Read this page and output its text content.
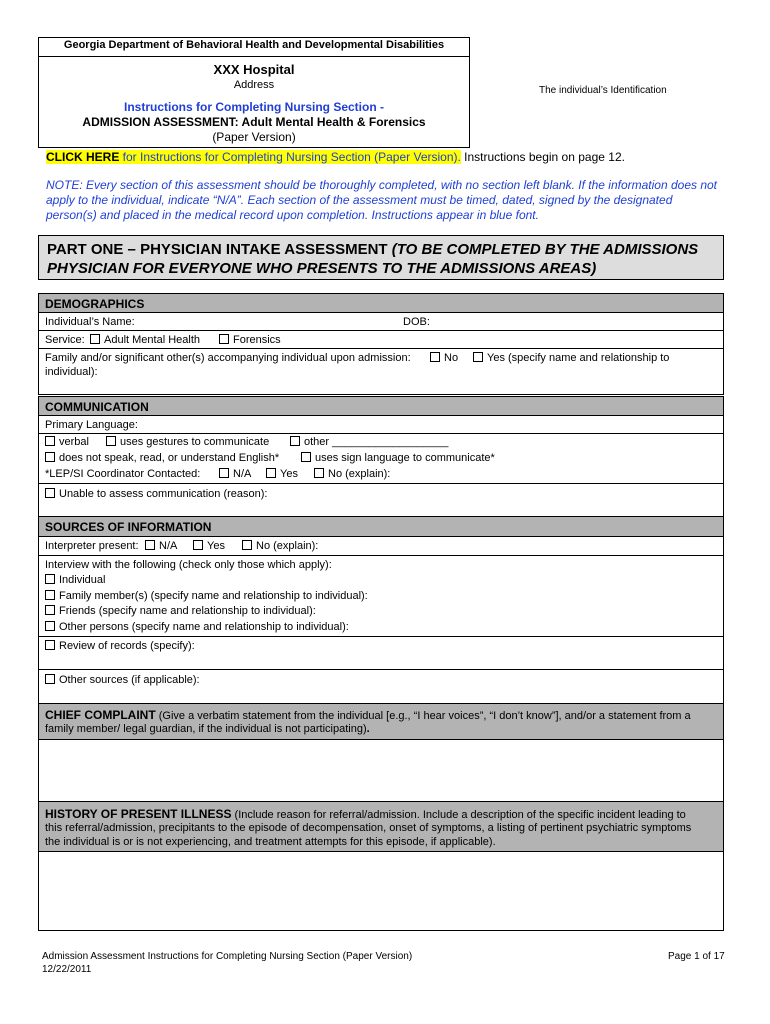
Georgia Department of Behavioral Health and Developmental Disabilities
XXX Hospital
Address
Instructions for Completing Nursing Section -
ADMISSION ASSESSMENT: Adult Mental Health & Forensics
(Paper Version)
The individual’s Identification
CLICK HERE for Instructions for Completing Nursing Section (Paper Version). Instructions begin on page 12.
NOTE: Every section of this assessment should be thoroughly completed, with no section left blank. If the information does not apply to the individual, indicate “N/A”. Each section of the assessment must be timed, dated, signed by the designated person(s) and placed in the medical record upon completion. Instructions appear in blue font.
PART ONE – PHYSICIAN INTAKE ASSESSMENT (TO BE COMPLETED BY THE ADMISSIONS
PHYSICIAN FOR EVERYONE WHO PRESENTS TO THE ADMISSIONS AREAS)
DEMOGRAPHICS
Individual’s Name:	DOB:
Service:	Adult Mental Health	Forensics
Family and/or significant other(s) accompanying individual upon admission:	No	Yes (specify name and relationship to
individual):
COMMUNICATION
Primary Language:
verbal	uses gestures to communicate	other ___________________
does not speak, read, or understand English*	uses sign language to communicate*
*LEP/SI Coordinator Contacted:	N/A	Yes	No (explain):
Unable to assess communication (reason):
SOURCES OF INFORMATION
Interpreter present:	N/A	Yes	No (explain):
Interview with the following (check only those which apply):
Individual
Family member(s) (specify name and relationship to individual):
Friends (specify name and relationship to individual):
Other persons (specify name and relationship to individual):
Review of records (specify):
Other sources (if applicable):
CHIEF COMPLAINT (Give a verbatim statement from the individual [e.g., “I hear voices”, “I don’t know”], and/or a statement from a
family member/ legal guardian, if the individual is not participating).
HISTORY OF PRESENT ILLNESS (Include reason for referral/admission. Include a description of the specific incident leading to
this referral/admission, precipitants to the episode of decompensation, onset of symptoms, a listing of pertinent psychiatric symptoms
the individual is or is not experiencing, and treatment attempts for this episode, if applicable).
Admission Assessment Instructions for Completing Nursing Section (Paper Version)
12/22/2011
Page 1 of 17
